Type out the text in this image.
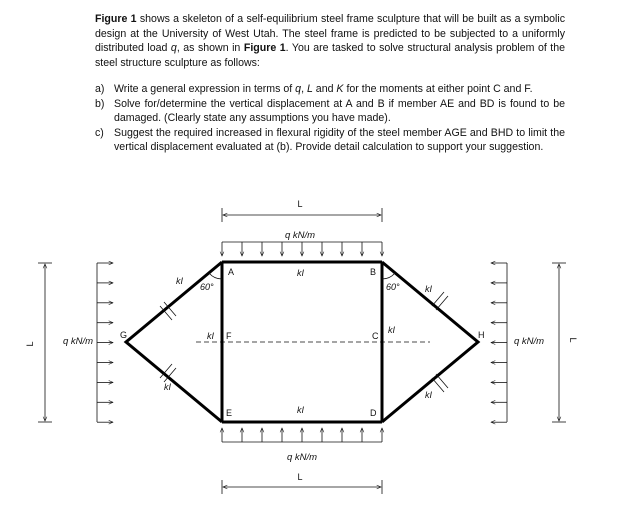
Figure 1 shows a skeleton of a self-equilibrium steel frame sculpture that will be built as a symbolic design at the University of West Utah. The steel frame is predicted to be subjected to a uniformly distributed load q, as shown in Figure 1. You are tasked to solve structural analysis problem of the steel structure sculpture as follows:

a) Write a general expression in terms of q, L and K for the moments at either point C and F.
b) Solve for/determine the vertical displacement at A and B if member AE and BD is found to be damaged. (Clearly state any assumptions you have made).
c) Suggest the required increased in flexural rigidity of the steel member AGE and BHD to limit the vertical displacement evaluated at (b). Provide detail calculation to support your suggestion.
L
q kN/m
L
L
q kN/m	q kN/m
60°	60°
A	B
C
D
E
F
G	H
kI
kI
kI
kI
kI
kI
kI
kI
q kN/m
L
